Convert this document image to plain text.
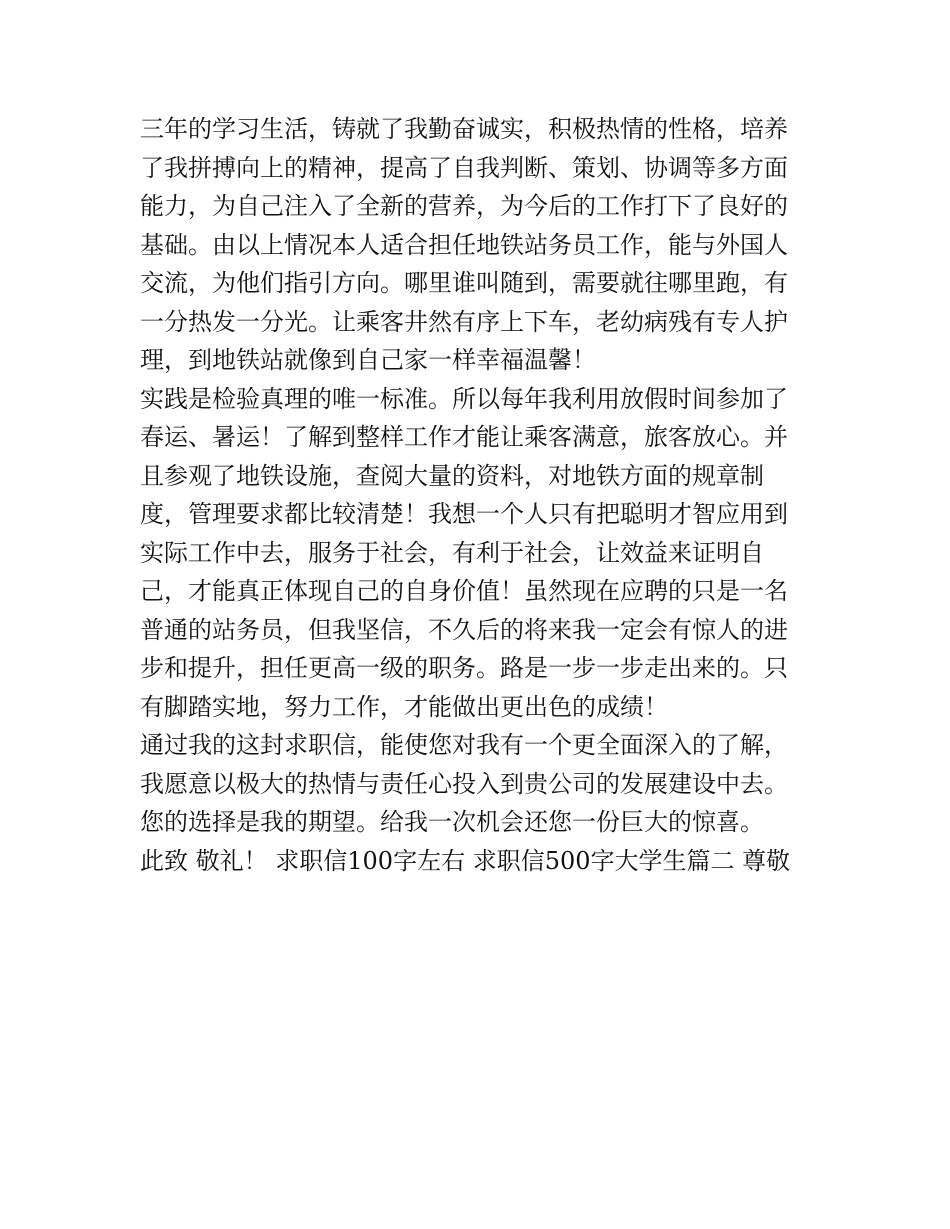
三年的学习生活，铸就了我勤奋诚实，积极热情的性格，培养
了我拼搏向上的精神，提高了自我判断、策划、协调等多方面
能力，为自己注入了全新的营养，为今后的工作打下了良好的
基础。由以上情况本人适合担任地铁站务员工作，能与外国人
交流，为他们指引方向。哪里谁叫随到，需要就往哪里跑，有
一分热发一分光。让乘客井然有序上下车，老幼病残有专人护
理，到地铁站就像到自己家一样幸福温馨！
实践是检验真理的唯一标准。所以每年我利用放假时间参加了
春运、暑运！了解到整样工作才能让乘客满意，旅客放心。并
且参观了地铁设施，查阅大量的资料，对地铁方面的规章制
度，管理要求都比较清楚！我想一个人只有把聪明才智应用到
实际工作中去，服务于社会，有利于社会，让效益来证明自
己，才能真正体现自己的自身价值！虽然现在应聘的只是一名
普通的站务员，但我坚信，不久后的将来我一定会有惊人的进
步和提升，担任更高一级的职务。路是一步一步走出来的。只
有脚踏实地，努力工作，才能做出更出色的成绩！
通过我的这封求职信，能使您对我有一个更全面深入的了解，
我愿意以极大的热情与责任心投入到贵公司的发展建设中去。
您的选择是我的期望。给我一次机会还您一份巨大的惊喜。
此致 敬礼！ 求职信100字左右 求职信500字大学生篇二 尊敬
